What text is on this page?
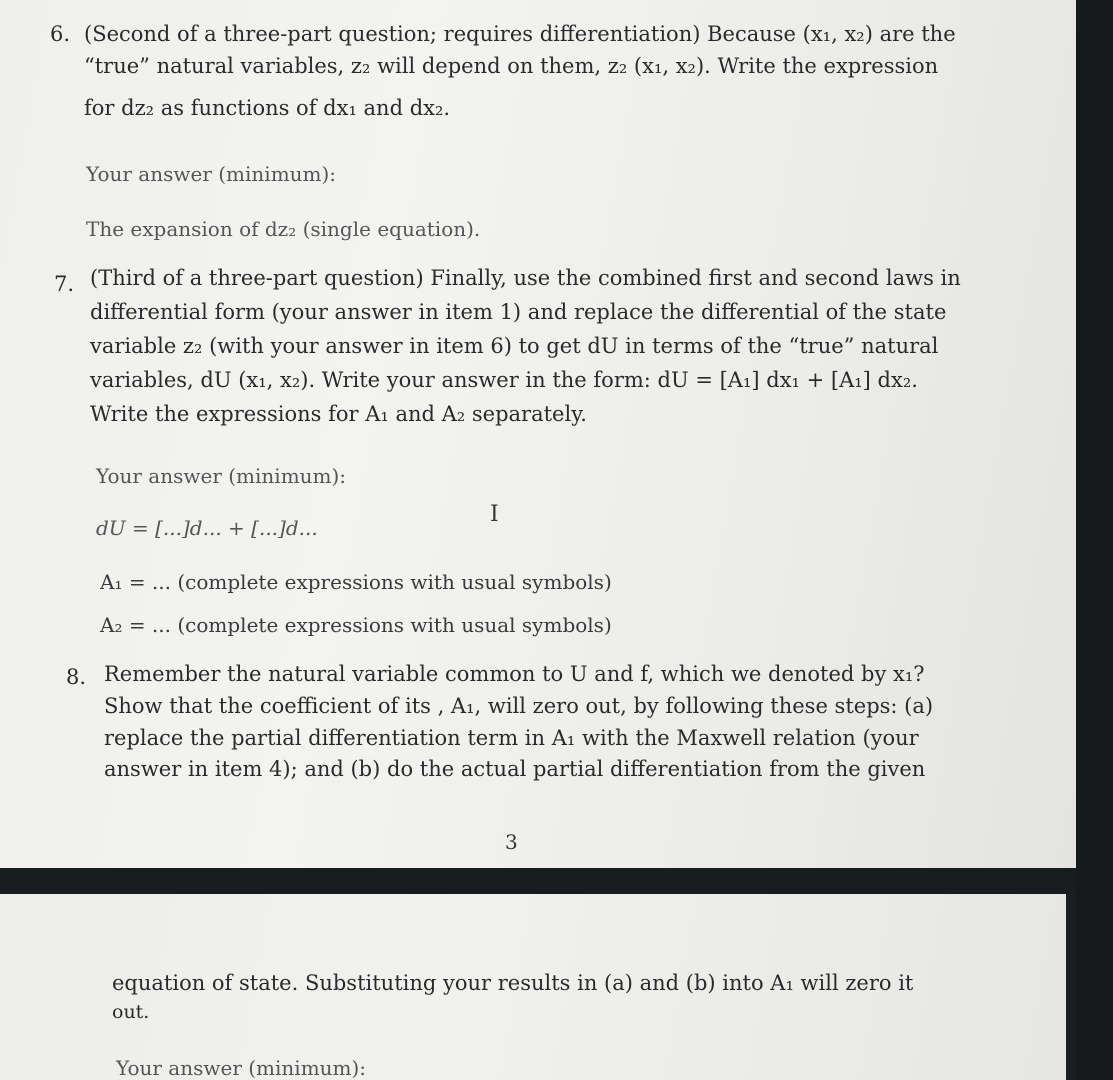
6. (Second of a three-part question; requires differentiation) Because (x₁, x₂) are the
“true” natural variables, z₂ will depend on them, z₂ (x₁, x₂). Write the expression
for dz₂ as functions of dx₁ and dx₂.
Your answer (minimum):
The expansion of dz₂ (single equation).
7. (Third of a three-part question) Finally, use the combined first and second laws in
differential form (your answer in item 1) and replace the differential of the state
variable z₂ (with your answer in item 6) to get dU in terms of the “true” natural
variables, dU (x₁, x₂). Write your answer in the form: dU = [A₁] dx₁ + [A₁] dx₂.
Write the expressions for A₁ and A₂ separately.
Your answer (minimum):
dU = [...]d... + [...]d...
A₁ = ... (complete expressions with usual symbols)
A₂ = ... (complete expressions with usual symbols)
I
8. Remember the natural variable common to U and f, which we denoted by x₁?
Show that the coefficient of its , A₁, will zero out, by following these steps: (a)
replace the partial differentiation term in A₁ with the Maxwell relation (your
answer in item 4); and (b) do the actual partial differentiation from the given
3
equation of state. Substituting your results in (a) and (b) into A₁ will zero it
out.
Your answer (minimum):
